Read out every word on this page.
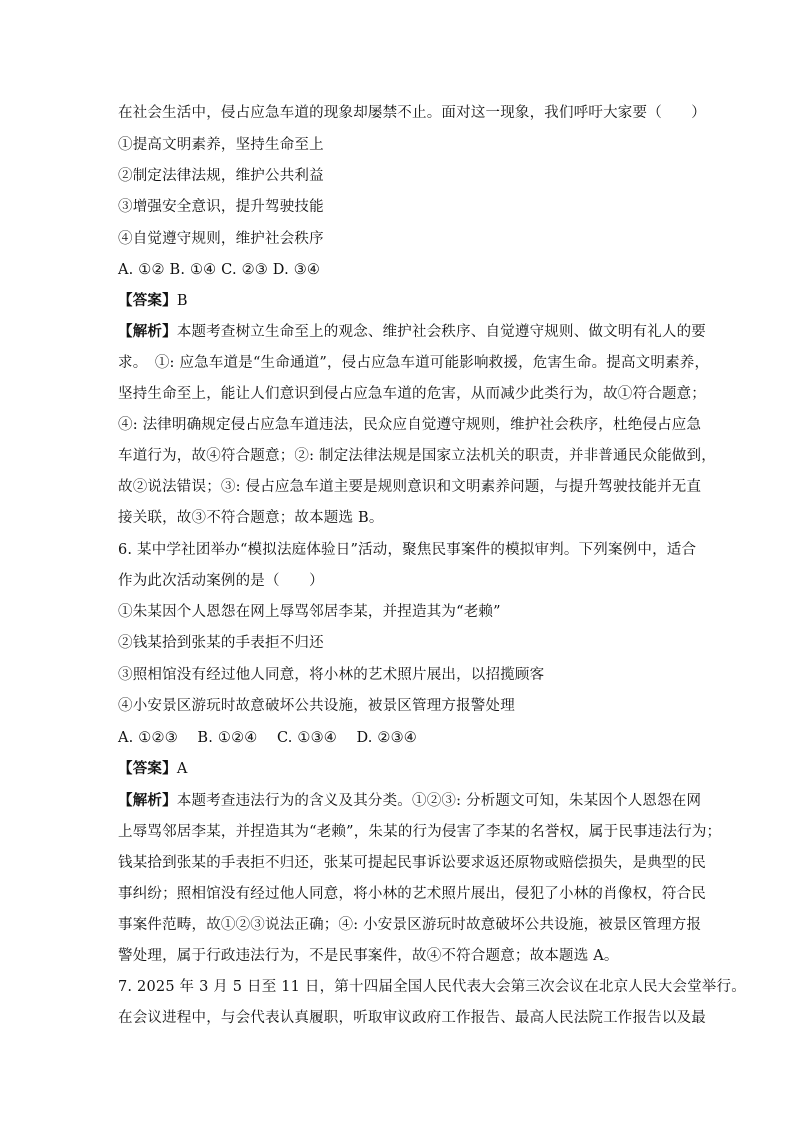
在社会生活中，侵占应急车道的现象却屡禁不止。面对这一现象，我们呼吁大家要（　　）
①提高文明素养，坚持生命至上
②制定法律法规，维护公共利益
③增强安全意识，提升驾驶技能
④自觉遵守规则，维护社会秩序
A. ①② B. ①④ C. ②③ D. ③④
【答案】B
【解析】本题考查树立生命至上的观念、维护社会秩序、自觉遵守规则、做文明有礼人的要
求。　①: 应急车道是“生命通道”，侵占应急车道可能影响救援，危害生命。提高文明素养，
坚持生命至上，能让人们意识到侵占应急车道的危害，从而减少此类行为，故①符合题意；
④: 法律明确规定侵占应急车道违法，民众应自觉遵守规则，维护社会秩序，杜绝侵占应急
车道行为，故④符合题意；②: 制定法律法规是国家立法机关的职责，并非普通民众能做到，
故②说法错误；③: 侵占应急车道主要是规则意识和文明素养问题，与提升驾驶技能并无直
接关联，故③不符合题意；故本题选 B。
6. 某中学社团举办“模拟法庭体验日”活动，聚焦民事案件的模拟审判。下列案例中，适合
作为此次活动案例的是（　　）
①朱某因个人恩怨在网上辱骂邻居李某，并捏造其为“老赖”
②钱某拾到张某的手表拒不归还
③照相馆没有经过他人同意，将小林的艺术照片展出，以招揽顾客
④小安景区游玩时故意破坏公共设施，被景区管理方报警处理
A. ①②③　 B. ①②④　 C. ①③④　 D. ②③④
【答案】A
【解析】本题考查违法行为的含义及其分类。①②③: 分析题文可知，朱某因个人恩怨在网
上辱骂邻居李某，并捏造其为“老赖”，朱某的行为侵害了李某的名誉权，属于民事违法行为；
钱某拾到张某的手表拒不归还，张某可提起民事诉讼要求返还原物或赔偿损失，是典型的民
事纠纷；照相馆没有经过他人同意，将小林的艺术照片展出，侵犯了小林的肖像权，符合民
事案件范畴，故①②③说法正确；④: 小安景区游玩时故意破坏公共设施，被景区管理方报
警处理，属于行政违法行为，不是民事案件，故④不符合题意；故本题选 A。
7. 2025 年 3 月 5 日至 11 日，第十四届全国人民代表大会第三次会议在北京人民大会堂举行。
在会议进程中，与会代表认真履职，听取审议政府工作报告、最高人民法院工作报告以及最
